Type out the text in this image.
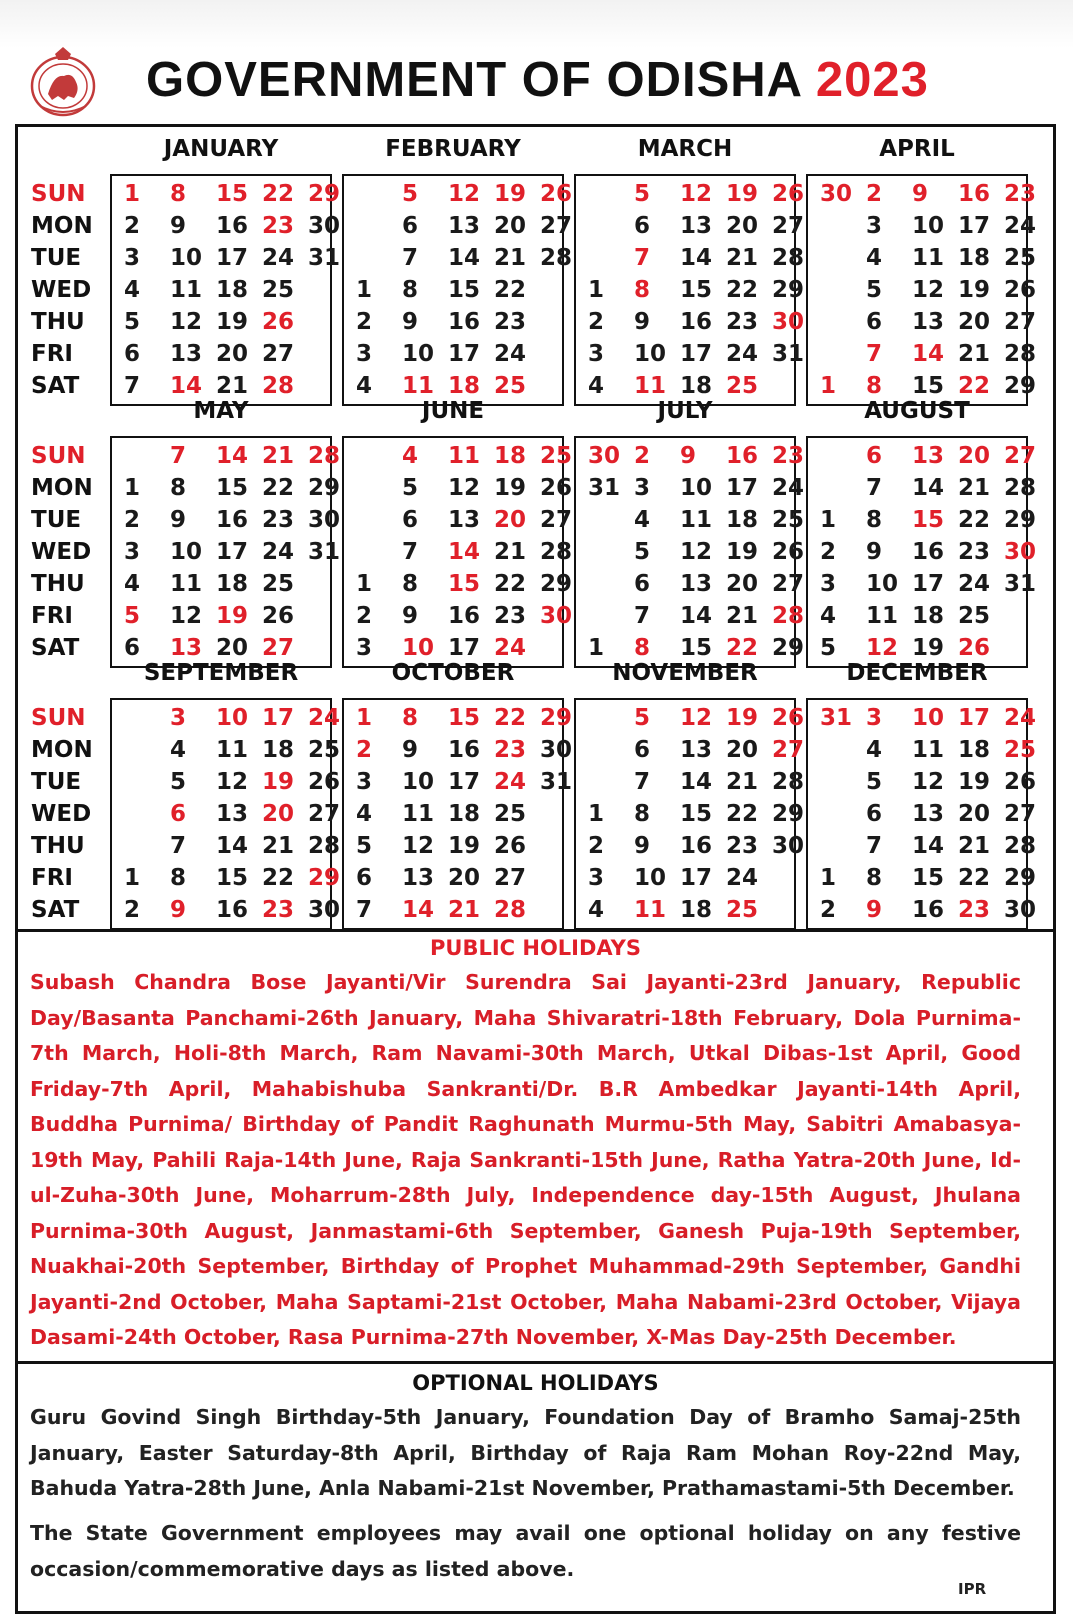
GOVERNMENT OF ODISHA 2023
SUN
MON
TUE
WED
THU
FRI
SAT
SUN
MON
TUE
WED
THU
FRI
SAT
SUN
MON
TUE
WED
THU
FRI
SAT
JANUARY
1
2
3
4
5
6
7
8
9
10
11
12
13
14
15
16
17
18
19
20
21
22
23
24
25
26
27
28
29
30
31
FEBRUARY
1
2
3
4
5
6
7
8
9
10
11
12
13
14
15
16
17
18
19
20
21
22
23
24
25
26
27
28
MARCH
1
2
3
4
5
6
7
8
9
10
11
12
13
14
15
16
17
18
19
20
21
22
23
24
25
26
27
28
29
30
31
APRIL
30
1
2
3
4
5
6
7
8
9
10
11
12
13
14
15
16
17
18
19
20
21
22
23
24
25
26
27
28
29
MAY
1
2
3
4
5
6
7
8
9
10
11
12
13
14
15
16
17
18
19
20
21
22
23
24
25
26
27
28
29
30
31
JUNE
1
2
3
4
5
6
7
8
9
10
11
12
13
14
15
16
17
18
19
20
21
22
23
24
25
26
27
28
29
30
JULY
30
31
1
2
3
4
5
6
7
8
9
10
11
12
13
14
15
16
17
18
19
20
21
22
23
24
25
26
27
28
29
AUGUST
1
2
3
4
5
6
7
8
9
10
11
12
13
14
15
16
17
18
19
20
21
22
23
24
25
26
27
28
29
30
31
SEPTEMBER
1
2
3
4
5
6
7
8
9
10
11
12
13
14
15
16
17
18
19
20
21
22
23
24
25
26
27
28
29
30
OCTOBER
1
2
3
4
5
6
7
8
9
10
11
12
13
14
15
16
17
18
19
20
21
22
23
24
25
26
27
28
29
30
31
NOVEMBER
1
2
3
4
5
6
7
8
9
10
11
12
13
14
15
16
17
18
19
20
21
22
23
24
25
26
27
28
29
30
DECEMBER
31
1
2
3
4
5
6
7
8
9
10
11
12
13
14
15
16
17
18
19
20
21
22
23
24
25
26
27
28
29
30
PUBLIC HOLIDAYS
Subash Chandra Bose Jayanti/Vir Surendra Sai Jayanti-23rd January, Republic Day/Basanta Panchami-26th January, Maha Shivaratri-18th February, Dola Purnima-7th March, Holi-8th March, Ram Navami-30th March, Utkal Dibas-1st April, Good Friday-7th April, Mahabishuba Sankranti/Dr. B.R Ambedkar Jayanti-14th April, Buddha Purnima/ Birthday of Pandit Raghunath Murmu-5th May, Sabitri Amabasya-19th May, Pahili Raja-14th June, Raja Sankranti-15th June, Ratha Yatra-20th June, Id-ul-Zuha-30th June, Moharrum-28th July, Independence day-15th August, Jhulana Purnima-30th August, Janmastami-6th September, Ganesh Puja-19th September, Nuakhai-20th September, Birthday of Prophet Muhammad-29th September, Gandhi Jayanti-2nd October, Maha Saptami-21st October, Maha Nabami-23rd October, Vijaya Dasami-24th October, Rasa Purnima-27th November, X-Mas Day-25th December.
OPTIONAL HOLIDAYS
Guru Govind Singh Birthday-5th January, Foundation Day of Bramho Samaj-25th January, Easter Saturday-8th April, Birthday of Raja Ram Mohan Roy-22nd May, Bahuda Yatra-28th June, Anla Nabami-21st November, Prathamastami-5th December.
The State Government employees may avail one optional holiday on any festive occasion/commemorative days as listed above.
IPR
